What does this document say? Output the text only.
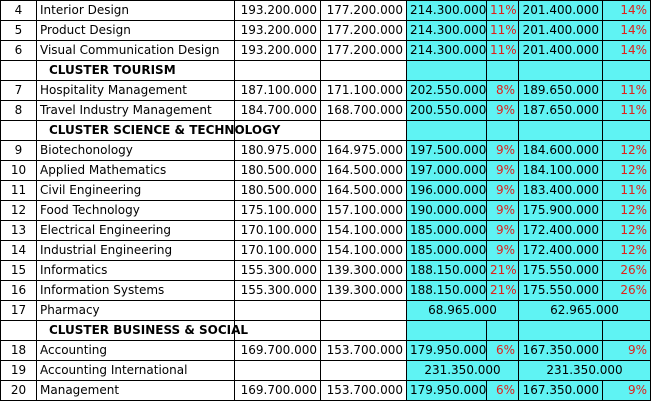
4	Interior Design	193.200.000	177.200.000	214.300.000	11%	201.400.000	14%
5	Product Design	193.200.000	177.200.000	214.300.000	11%	201.400.000	14%
6	Visual Communication Design	193.200.000	177.200.000	214.300.000	11%	201.400.000	14%
	CLUSTER TOURISM						
7	Hospitality Management	187.100.000	171.100.000	202.550.000	8%	189.650.000	11%
8	Travel Industry Management	184.700.000	168.700.000	200.550.000	9%	187.650.000	11%
	CLUSTER SCIENCE & TECHNOLOGY						
9	Biotechonology	180.975.000	164.975.000	197.500.000	9%	184.600.000	12%
10	Applied Mathematics	180.500.000	164.500.000	197.000.000	9%	184.100.000	12%
11	Civil Engineering	180.500.000	164.500.000	196.000.000	9%	183.400.000	11%
12	Food Technology	175.100.000	157.100.000	190.000.000	9%	175.900.000	12%
13	Electrical Engineering	170.100.000	154.100.000	185.000.000	9%	172.400.000	12%
14	Industrial Engineering	170.100.000	154.100.000	185.000.000	9%	172.400.000	12%
15	Informatics	155.300.000	139.300.000	188.150.000	21%	175.550.000	26%
16	Information Systems	155.300.000	139.300.000	188.150.000	21%	175.550.000	26%
17	Pharmacy			68.965.000		62.965.000	
	CLUSTER BUSINESS & SOCIAL						
18	Accounting	169.700.000	153.700.000	179.950.000	6%	167.350.000	9%
19	Accounting International			231.350.000		231.350.000	
20	Management	169.700.000	153.700.000	179.950.000	6%	167.350.000	9%
